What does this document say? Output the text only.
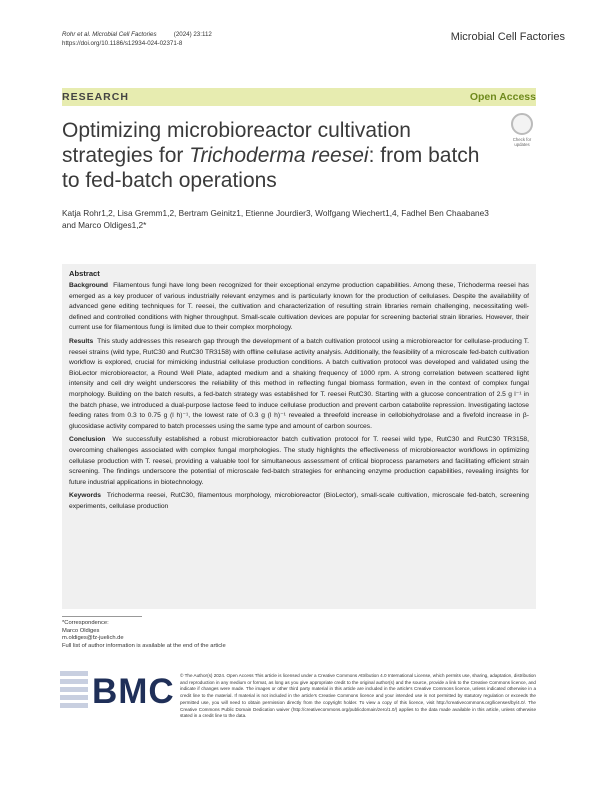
Rohr et al. Microbial Cell Factories	(2024) 23:112
https://doi.org/10.1186/s12934-024-02371-8
Microbial Cell Factories
RESEARCH	Open Access
Optimizing microbioreactor cultivation strategies for Trichoderma reesei: from batch to fed-batch operations
Check for
updates
Katja Rohr1,2, Lisa Gremm1,2, Bertram Geinitz1, Etienne Jourdier3, Wolfgang Wiechert1,4, Fadhel Ben Chaabane3 and Marco Oldiges1,2*
Abstract

Background Filamentous fungi have long been recognized for their exceptional enzyme production capabilities. Among these, Trichoderma reesei has emerged as a key producer of various industrially relevant enzymes and is particularly known for the production of cellulases. Despite the availability of advanced gene editing techniques for T. reesei, the cultivation and characterization of resulting strain libraries remain challenging, necessitating well-defined and controlled conditions with higher throughput. Small-scale cultivation devices are popular for screening bacterial strain libraries. However, their current use for filamentous fungi is limited due to their complex morphology.

Results This study addresses this research gap through the development of a batch cultivation protocol using a microbioreactor for cellulase-producing T. reesei strains (wild type, RutC30 and RutC30 TR3158) with offline cellulase activity analysis. Additionally, the feasibility of a microscale fed-batch cultivation workflow is explored, crucial for mimicking industrial cellulase production conditions. A batch cultivation protocol was developed and validated using the BioLector microbioreactor, a Round Well Plate, adapted medium and a shaking frequency of 1000 rpm. A strong correlation between scattered light intensity and cell dry weight underscores the reliability of this method in reflecting fungal biomass formation, even in the context of complex fungal morphology. Building on the batch results, a fed-batch strategy was established for T. reesei RutC30. Starting with a glucose concentration of 2.5 g l⁻¹ in the batch phase, we introduced a dual-purpose lactose feed to induce cellulase production and prevent carbon catabolite repression. Investigating lactose feeding rates from 0.3 to 0.75 g (l h)⁻¹, the lowest rate of 0.3 g (l h)⁻¹ revealed a threefold increase in cellobiohydrolase and a fivefold increase in β-glucosidase activity compared to batch processes using the same type and amount of carbon sources.

Conclusion We successfully established a robust microbioreactor batch cultivation protocol for T. reesei wild type, RutC30 and RutC30 TR3158, overcoming challenges associated with complex fungal morphologies. The study highlights the effectiveness of microbioreactor workflows in optimizing cellulase production with T. reesei, providing a valuable tool for simultaneous assessment of critical bioprocess parameters and facilitating efficient strain screening. The findings underscore the potential of microscale fed-batch strategies for enhancing enzyme production capabilities, revealing insights for future industrial applications in biotechnology.

Keywords Trichoderma reesei, RutC30, filamentous morphology, microbioreactor (BioLector), small-scale cultivation, microscale fed-batch, screening experiments, cellulase production

*Correspondence:
Marco Oldiges
m.oldiges@fz-juelich.de
Full list of author information is available at the end of the article
BMC © The Author(s) 2024. Open Access This article is licensed under a Creative Commons Attribution 4.0 International License, which permits use, sharing, adaptation, distribution and reproduction in any medium or format, as long as you give appropriate credit to the original author(s) and the source, provide a link to the Creative Commons licence, and indicate if changes were made. The images or other third party material in this article are included in the article's Creative Commons licence, unless indicated otherwise in a credit line to the material. If material is not included in the article's Creative Commons licence and your intended use is not permitted by statutory regulation or exceeds the permitted use, you will need to obtain permission directly from the copyright holder. To view a copy of this licence, visit http://creativecommons.org/licenses/by/4.0/. The Creative Commons Public Domain Dedication waiver (http://creativecommons.org/publicdomain/zero/1.0/) applies to the data made available in this article, unless otherwise stated in a credit line to the data.
